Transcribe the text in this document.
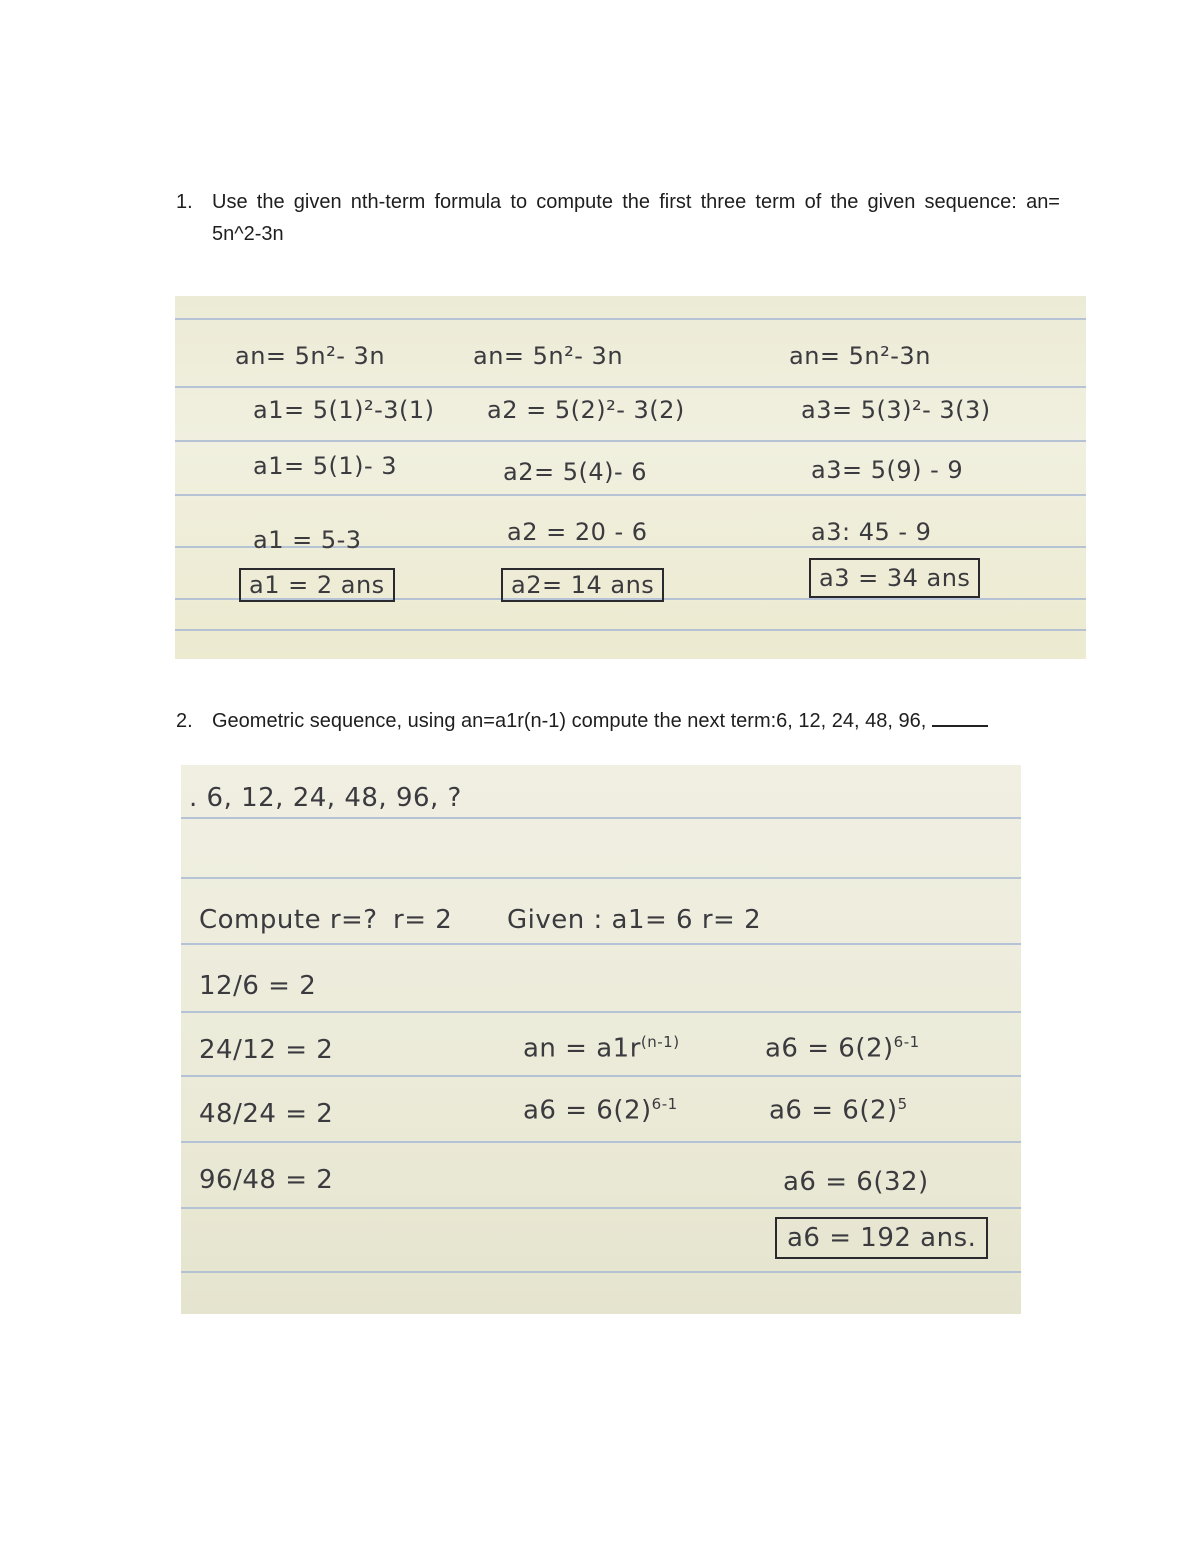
1. Use the given nth-term formula to compute the first three term of the given sequence: an= 5n^2-3n
an= 5n²- 3n
a1= 5(1)²-3(1)
a1= 5(1)- 3
a1 = 5-3
a1 = 2 ans
an= 5n²- 3n
a2 = 5(2)²- 3(2)
a2= 5(4)- 6
a2 = 20 - 6
a2= 14 ans
an= 5n²-3n
a3= 5(3)²- 3(3)
a3= 5(9) - 9
a3: 45 - 9
a3 = 34 ans
2. Geometric sequence, using an=a1r(n-1) compute the next term:6, 12, 24, 48, 96,
. 6, 12, 24, 48, 96, ?
Compute r=? r= 2 Given : a1= 6 r= 2
12/6 = 2
24/12 = 2
48/24 = 2
96/48 = 2
an = $a1r^{(n-1)}$
$a6 = 6(2)^{6-1}$
$a6 = 6(2)^{6-1}$
$a6 = 6(2)^5$
a6 = 6(32)
a6 = 192 ans.
